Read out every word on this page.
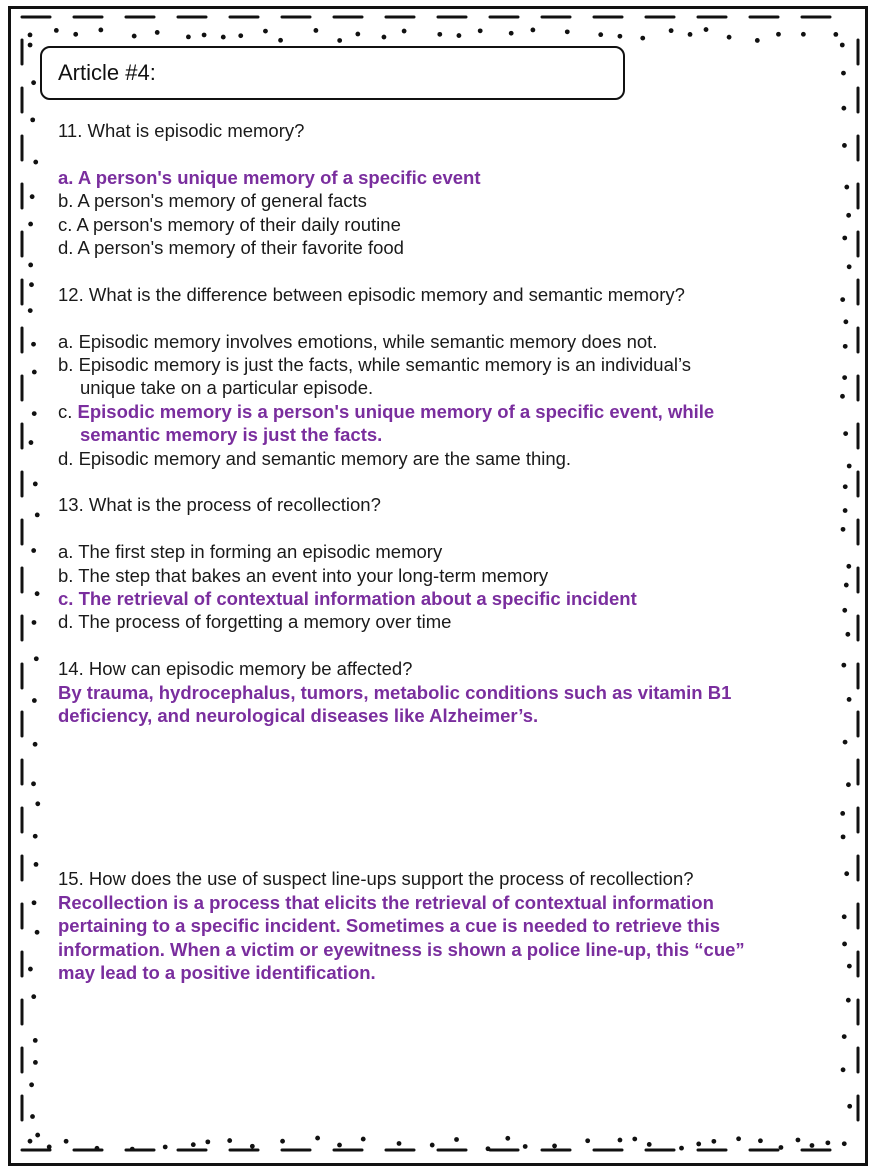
Article #4:
11. What is episodic memory?
a. A person's unique memory of a specific event
b. A person's memory of general facts
c. A person's memory of their daily routine
d. A person's memory of their favorite food
12. What is the difference between episodic memory and semantic memory?
a. Episodic memory involves emotions, while semantic memory does not.
b. Episodic memory is just the facts, while semantic memory is an individual’s
unique take on a particular episode.
c. Episodic memory is a person's unique memory of a specific event, while
semantic memory is just the facts.
d. Episodic memory and semantic memory are the same thing.
13. What is the process of recollection?
a. The first step in forming an episodic memory
b. The step that bakes an event into your long-term memory
c. The retrieval of contextual information about a specific incident
d. The process of forgetting a memory over time
14. How can episodic memory be affected?
By trauma, hydrocephalus, tumors, metabolic conditions such as vitamin B1
deficiency, and neurological diseases like Alzheimer’s.
15. How does the use of suspect line-ups support the process of recollection?
Recollection is a process that elicits the retrieval of contextual information
pertaining to a specific incident. Sometimes a cue is needed to retrieve this
information. When a victim or eyewitness is shown a police line-up, this “cue”
may lead to a positive identification.
